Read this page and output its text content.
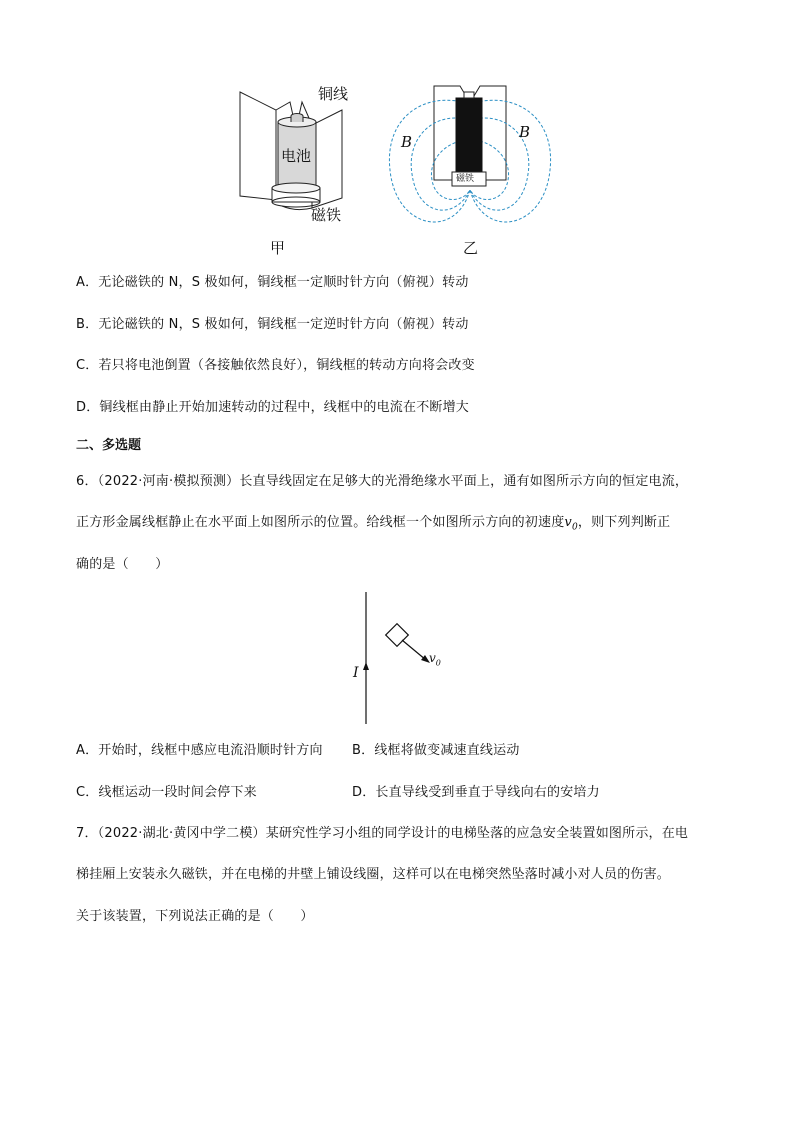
铜线
电池
磁铁
甲
B
B
磁铁
乙
A．无论磁铁的 N，S 极如何，铜线框一定顺时针方向（俯视）转动
B．无论磁铁的 N，S 极如何，铜线框一定逆时针方向（俯视）转动
C．若只将电池倒置（各接触依然良好），铜线框的转动方向将会改变
D．铜线框由静止开始加速转动的过程中，线框中的电流在不断增大
二、多选题
6．（2022·河南·模拟预测）长直导线固定在足够大的光滑绝缘水平面上，通有如图所示方向的恒定电流，
正方形金属线框静止在水平面上如图所示的位置。给线框一个如图所示方向的初速度$v_0$，则下列判断正
确的是（　　）
I
$v_0$
A．开始时，线框中感应电流沿顺时针方向 B．线框将做变减速直线运动
C．线框运动一段时间会停下来	D．长直导线受到垂直于导线向右的安培力
7．（2022·湖北·黄冈中学二模）某研究性学习小组的同学设计的电梯坠落的应急安全装置如图所示，在电
梯挂厢上安装永久磁铁，并在电梯的井壁上铺设线圈，这样可以在电梯突然坠落时减小对人员的伤害。
关于该装置，下列说法正确的是（　　）
